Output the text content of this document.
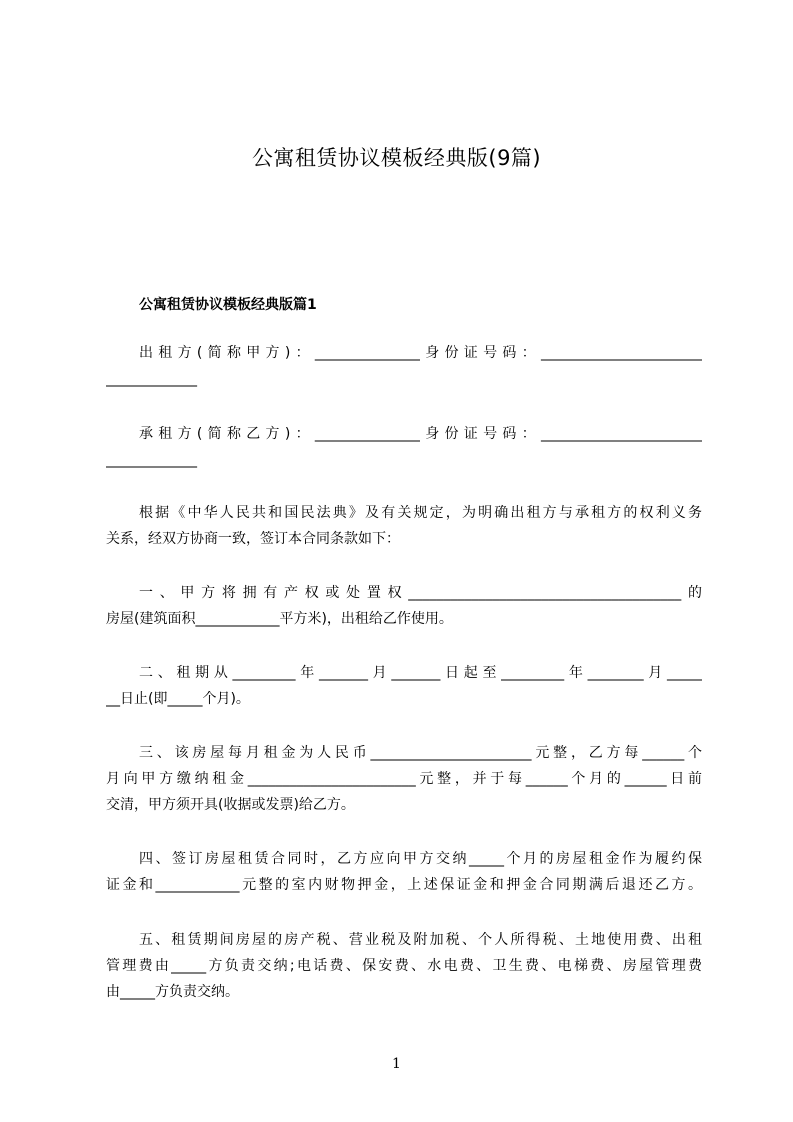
公寓租赁协议模板经典版(9篇)
公寓租赁协议模板经典版篇1
出租方(简称甲方)：_______________身份证号码：_______________________
_____________
承租方(简称乙方)：_______________身份证号码：_______________________
_____________
根据《中华人民共和国民法典》及有关规定，为明确出租方与承租方的权利义务
关系，经双方协商一致，签订本合同条款如下：
一、甲方将拥有产权或处置权_______________________________________的
房屋(建筑面积____________平方米)，出租给乙作使用。
二、租期从_________年_______月_______日起至_________年________月_____
__日止(即_____个月)。
三、该房屋每月租金为人民币_______________________元整，乙方每______个
月向甲方缴纳租金________________________元整，并于每______个月的______日前
交清，甲方须开具(收据或发票)给乙方。
四、签订房屋租赁合同时，乙方应向甲方交纳_____个月的房屋租金作为履约保
证金和____________元整的室内财物押金，上述保证金和押金合同期满后退还乙方。
五、租赁期间房屋的房产税、营业税及附加税、个人所得税、土地使用费、出租
管理费由_____方负责交纳;电话费、保安费、水电费、卫生费、电梯费、房屋管理费
由_____方负责交纳。
1
